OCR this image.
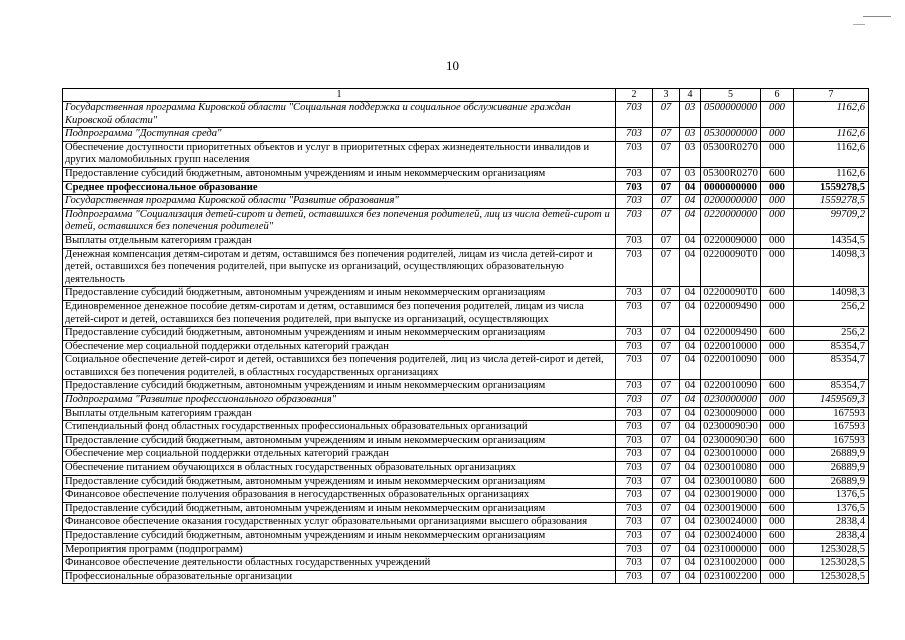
10
1	2	3	4	5	6	7
Государственная программа Кировской области "Социальная поддержка и социальное обслуживание граждан Кировской области"	703	07	03	0500000000	000	1162,6
Подпрограмма "Доступная среда"	703	07	03	0530000000	000	1162,6
Обеспечение доступности приоритетных объектов и услуг в приоритетных сферах жизнедеятельности инвалидов и других маломобильных групп населения	703	07	03	05300R0270	000	1162,6
Предоставление субсидий бюджетным, автономным учреждениям и иным некоммерческим организациям	703	07	03	05300R0270	600	1162,6
Среднее профессиональное образование	703	07	04	0000000000	000	1559278,5
Государственная программа Кировской области "Развитие образования"	703	07	04	0200000000	000	1559278,5
Подпрограмма "Социализация детей-сирот и детей, оставшихся без попечения родителей, лиц из числа детей-сирот и детей, оставшихся без попечения родителей"	703	07	04	0220000000	000	99709,2
Выплаты отдельным категориям граждан	703	07	04	0220009000	000	14354,5
Денежная компенсация детям-сиротам и детям, оставшимся без попечения родителей, лицам из числа детей-сирот и детей, оставшихся без попечения родителей, при выпуске из организаций, осуществляющих образовательную деятельность	703	07	04	02200090Т0	000	14098,3
Предоставление субсидий бюджетным, автономным учреждениям и иным некоммерческим организациям	703	07	04	02200090Т0	600	14098,3
Единовременное денежное пособие детям-сиротам и детям, оставшимся без попечения родителей, лицам из числа детей-сирот и детей, оставшихся без попечения родителей, при выпуске из организаций, осуществляющих	703	07	04	0220009490	000	256,2
Предоставление субсидий бюджетным, автономным учреждениям и иным некоммерческим организациям	703	07	04	0220009490	600	256,2
Обеспечение мер социальной поддержки отдельных категорий граждан	703	07	04	0220010000	000	85354,7
Социальное обеспечение детей-сирот и детей, оставшихся без попечения родителей, лиц из числа детей-сирот и детей, оставшихся без попечения родителей, в областных государственных организациях	703	07	04	0220010090	000	85354,7
Предоставление субсидий бюджетным, автономным учреждениям и иным некоммерческим организациям	703	07	04	0220010090	600	85354,7
Подпрограмма "Развитие профессионального образования"	703	07	04	0230000000	000	1459569,3
Выплаты отдельным категориям граждан	703	07	04	0230009000	000	167593
Стипендиальный фонд областных государственных профессиональных образовательных организаций	703	07	04	02300090Э0	000	167593
Предоставление субсидий бюджетным, автономным учреждениям и иным некоммерческим организациям	703	07	04	02300090Э0	600	167593
Обеспечение мер социальной поддержки отдельных категорий граждан	703	07	04	0230010000	000	26889,9
Обеспечение питанием обучающихся в областных государственных образовательных организациях	703	07	04	0230010080	000	26889,9
Предоставление субсидий бюджетным, автономным учреждениям и иным некоммерческим организациям	703	07	04	0230010080	600	26889,9
Финансовое обеспечение получения образования в негосударственных образовательных организациях	703	07	04	0230019000	000	1376,5
Предоставление субсидий бюджетным, автономным учреждениям и иным некоммерческим организациям	703	07	04	0230019000	600	1376,5
Финансовое обеспечение оказания государственных услуг образовательными организациями высшего образования	703	07	04	0230024000	000	2838,4
Предоставление субсидий бюджетным, автономным учреждениям и иным некоммерческим организациям	703	07	04	0230024000	600	2838,4
Мероприятия программ (подпрограмм)	703	07	04	0231000000	000	1253028,5
Финансовое обеспечение деятельности областных государственных учреждений	703	07	04	0231002000	000	1253028,5
Профессиональные образовательные организации	703	07	04	0231002200	000	1253028,5
